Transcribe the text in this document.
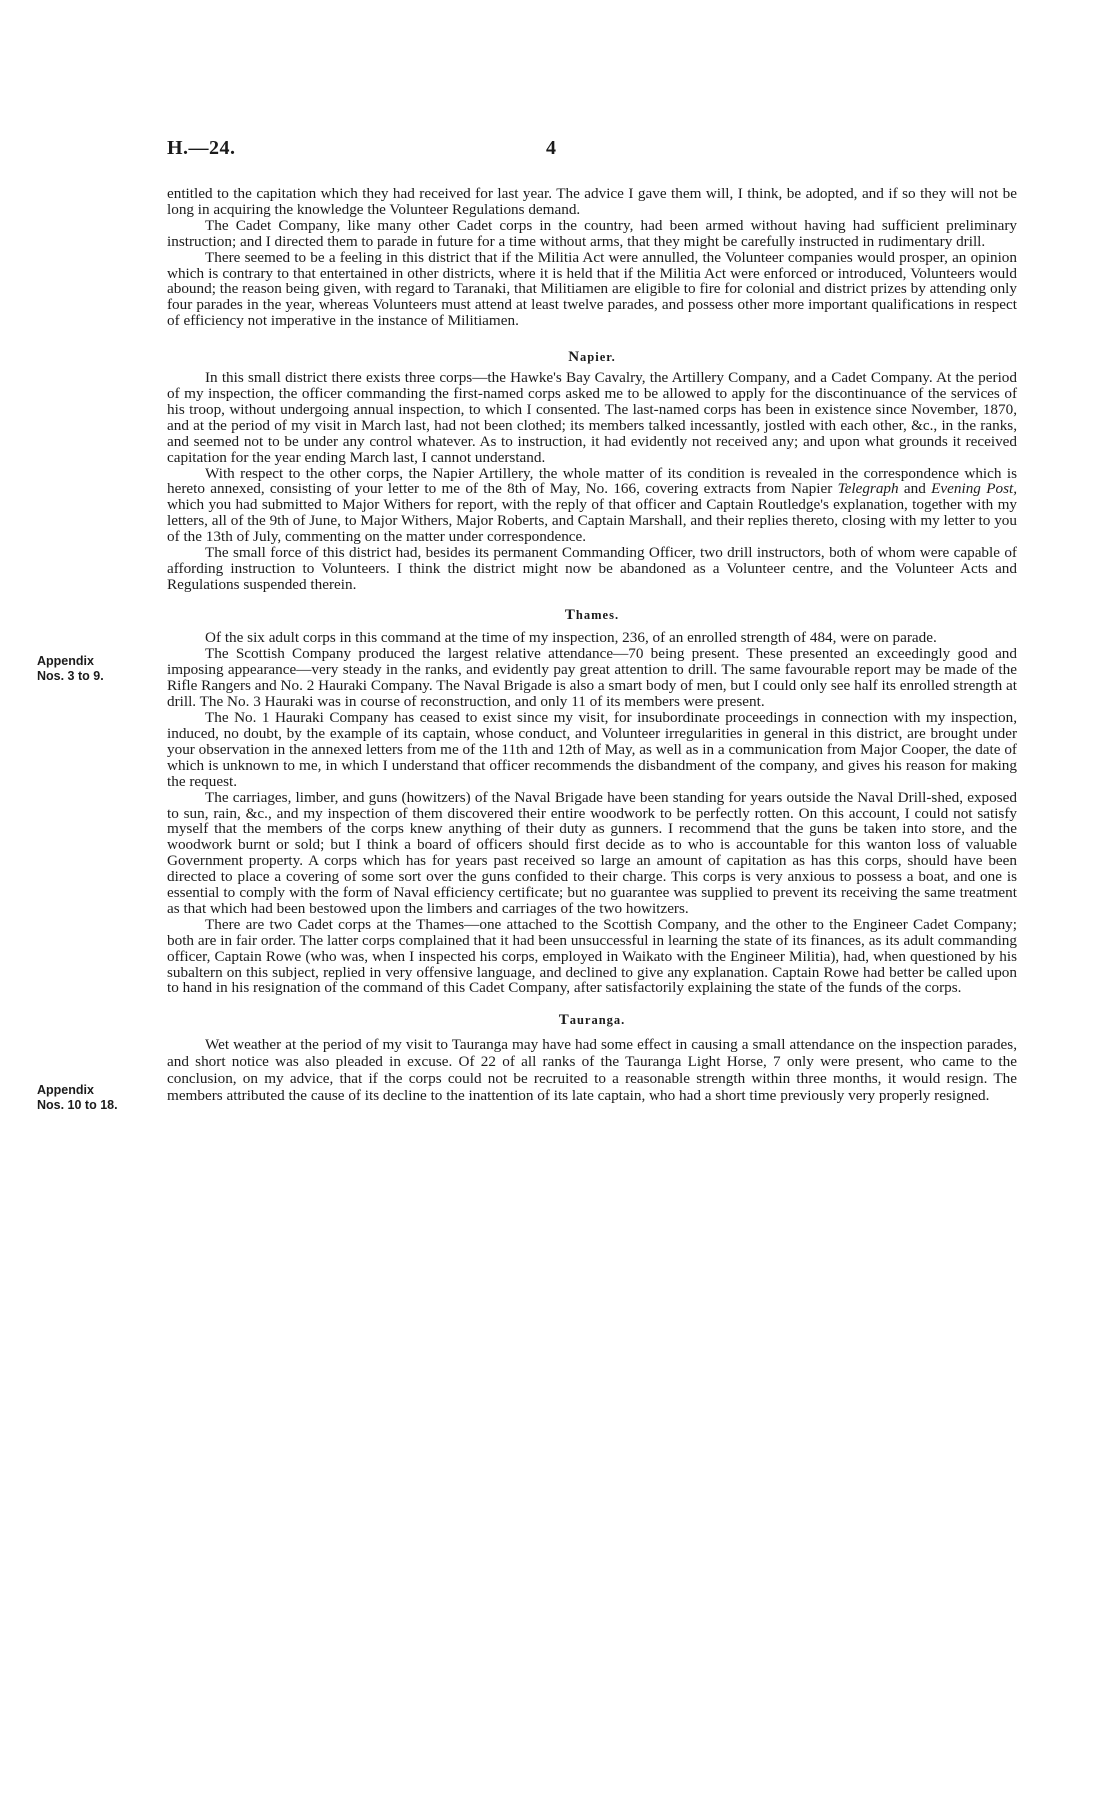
H.—24.	4
Appendix
Nos. 3 to 9.
Appendix
Nos. 10 to 18.

entitled to the capitation which they had received for last year. The advice I gave them will, I think, be adopted, and if so they will not be long in acquiring the knowledge the Volunteer Regulations demand.

The Cadet Company, like many other Cadet corps in the country, had been armed without having had sufficient preliminary instruction; and I directed them to parade in future for a time without arms, that they might be carefully instructed in rudimentary drill.

There seemed to be a feeling in this district that if the Militia Act were annulled, the Volunteer companies would prosper, an opinion which is contrary to that entertained in other districts, where it is held that if the Militia Act were enforced or introduced, Volunteers would abound; the reason being given, with regard to Taranaki, that Militiamen are eligible to fire for colonial and district prizes by attending only four parades in the year, whereas Volunteers must attend at least twelve parades, and possess other more important qualifications in respect of efficiency not imperative in the instance of Militiamen.

Napier.

In this small district there exists three corps—the Hawke's Bay Cavalry, the Artillery Company, and a Cadet Company. At the period of my inspection, the officer commanding the first-named corps asked me to be allowed to apply for the discontinuance of the services of his troop, without undergoing annual inspection, to which I consented. The last-named corps has been in existence since November, 1870, and at the period of my visit in March last, had not been clothed; its members talked incessantly, jostled with each other, &c., in the ranks, and seemed not to be under any control whatever. As to instruction, it had evidently not received any; and upon what grounds it received capitation for the year ending March last, I cannot understand.

With respect to the other corps, the Napier Artillery, the whole matter of its condition is revealed in the correspondence which is hereto annexed, consisting of your letter to me of the 8th of May, No. 166, covering extracts from Napier Telegraph and Evening Post, which you had submitted to Major Withers for report, with the reply of that officer and Captain Routledge's explanation, together with my letters, all of the 9th of June, to Major Withers, Major Roberts, and Captain Marshall, and their replies thereto, closing with my letter to you of the 13th of July, commenting on the matter under correspondence.

The small force of this district had, besides its permanent Commanding Officer, two drill instructors, both of whom were capable of affording instruction to Volunteers. I think the district might now be abandoned as a Volunteer centre, and the Volunteer Acts and Regulations suspended therein.

Thames.

Of the six adult corps in this command at the time of my inspection, 236, of an enrolled strength of 484, were on parade.

The Scottish Company produced the largest relative attendance—70 being present. These presented an exceedingly good and imposing appearance—very steady in the ranks, and evidently pay great attention to drill. The same favourable report may be made of the Rifle Rangers and No. 2 Hauraki Company. The Naval Brigade is also a smart body of men, but I could only see half its enrolled strength at drill. The No. 3 Hauraki was in course of reconstruction, and only 11 of its members were present.

The No. 1 Hauraki Company has ceased to exist since my visit, for insubordinate proceedings in connection with my inspection, induced, no doubt, by the example of its captain, whose conduct, and Volunteer irregularities in general in this district, are brought under your observation in the annexed letters from me of the 11th and 12th of May, as well as in a communication from Major Cooper, the date of which is unknown to me, in which I understand that officer recommends the disbandment of the company, and gives his reason for making the request.

The carriages, limber, and guns (howitzers) of the Naval Brigade have been standing for years outside the Naval Drill-shed, exposed to sun, rain, &c., and my inspection of them discovered their entire woodwork to be perfectly rotten. On this account, I could not satisfy myself that the members of the corps knew anything of their duty as gunners. I recommend that the guns be taken into store, and the woodwork burnt or sold; but I think a board of officers should first decide as to who is accountable for this wanton loss of valuable Government property. A corps which has for years past received so large an amount of capitation as has this corps, should have been directed to place a covering of some sort over the guns confided to their charge. This corps is very anxious to possess a boat, and one is essential to comply with the form of Naval efficiency certificate; but no guarantee was supplied to prevent its receiving the same treatment as that which had been bestowed upon the limbers and carriages of the two howitzers.

There are two Cadet corps at the Thames—one attached to the Scottish Company, and the other to the Engineer Cadet Company; both are in fair order. The latter corps complained that it had been unsuccessful in learning the state of its finances, as its adult commanding officer, Captain Rowe (who was, when I inspected his corps, employed in Waikato with the Engineer Militia), had, when questioned by his subaltern on this subject, replied in very offensive language, and declined to give any explanation. Captain Rowe had better be called upon to hand in his resignation of the command of this Cadet Company, after satisfactorily explaining the state of the funds of the corps.

Tauranga.

Wet weather at the period of my visit to Tauranga may have had some effect in causing a small attendance on the inspection parades, and short notice was also pleaded in excuse. Of 22 of all ranks of the Tauranga Light Horse, 7 only were present, who came to the conclusion, on my advice, that if the corps could not be recruited to a reasonable strength within three months, it would resign. The members attributed the cause of its decline to the inattention of its late captain, who had a short time previously very properly resigned.
